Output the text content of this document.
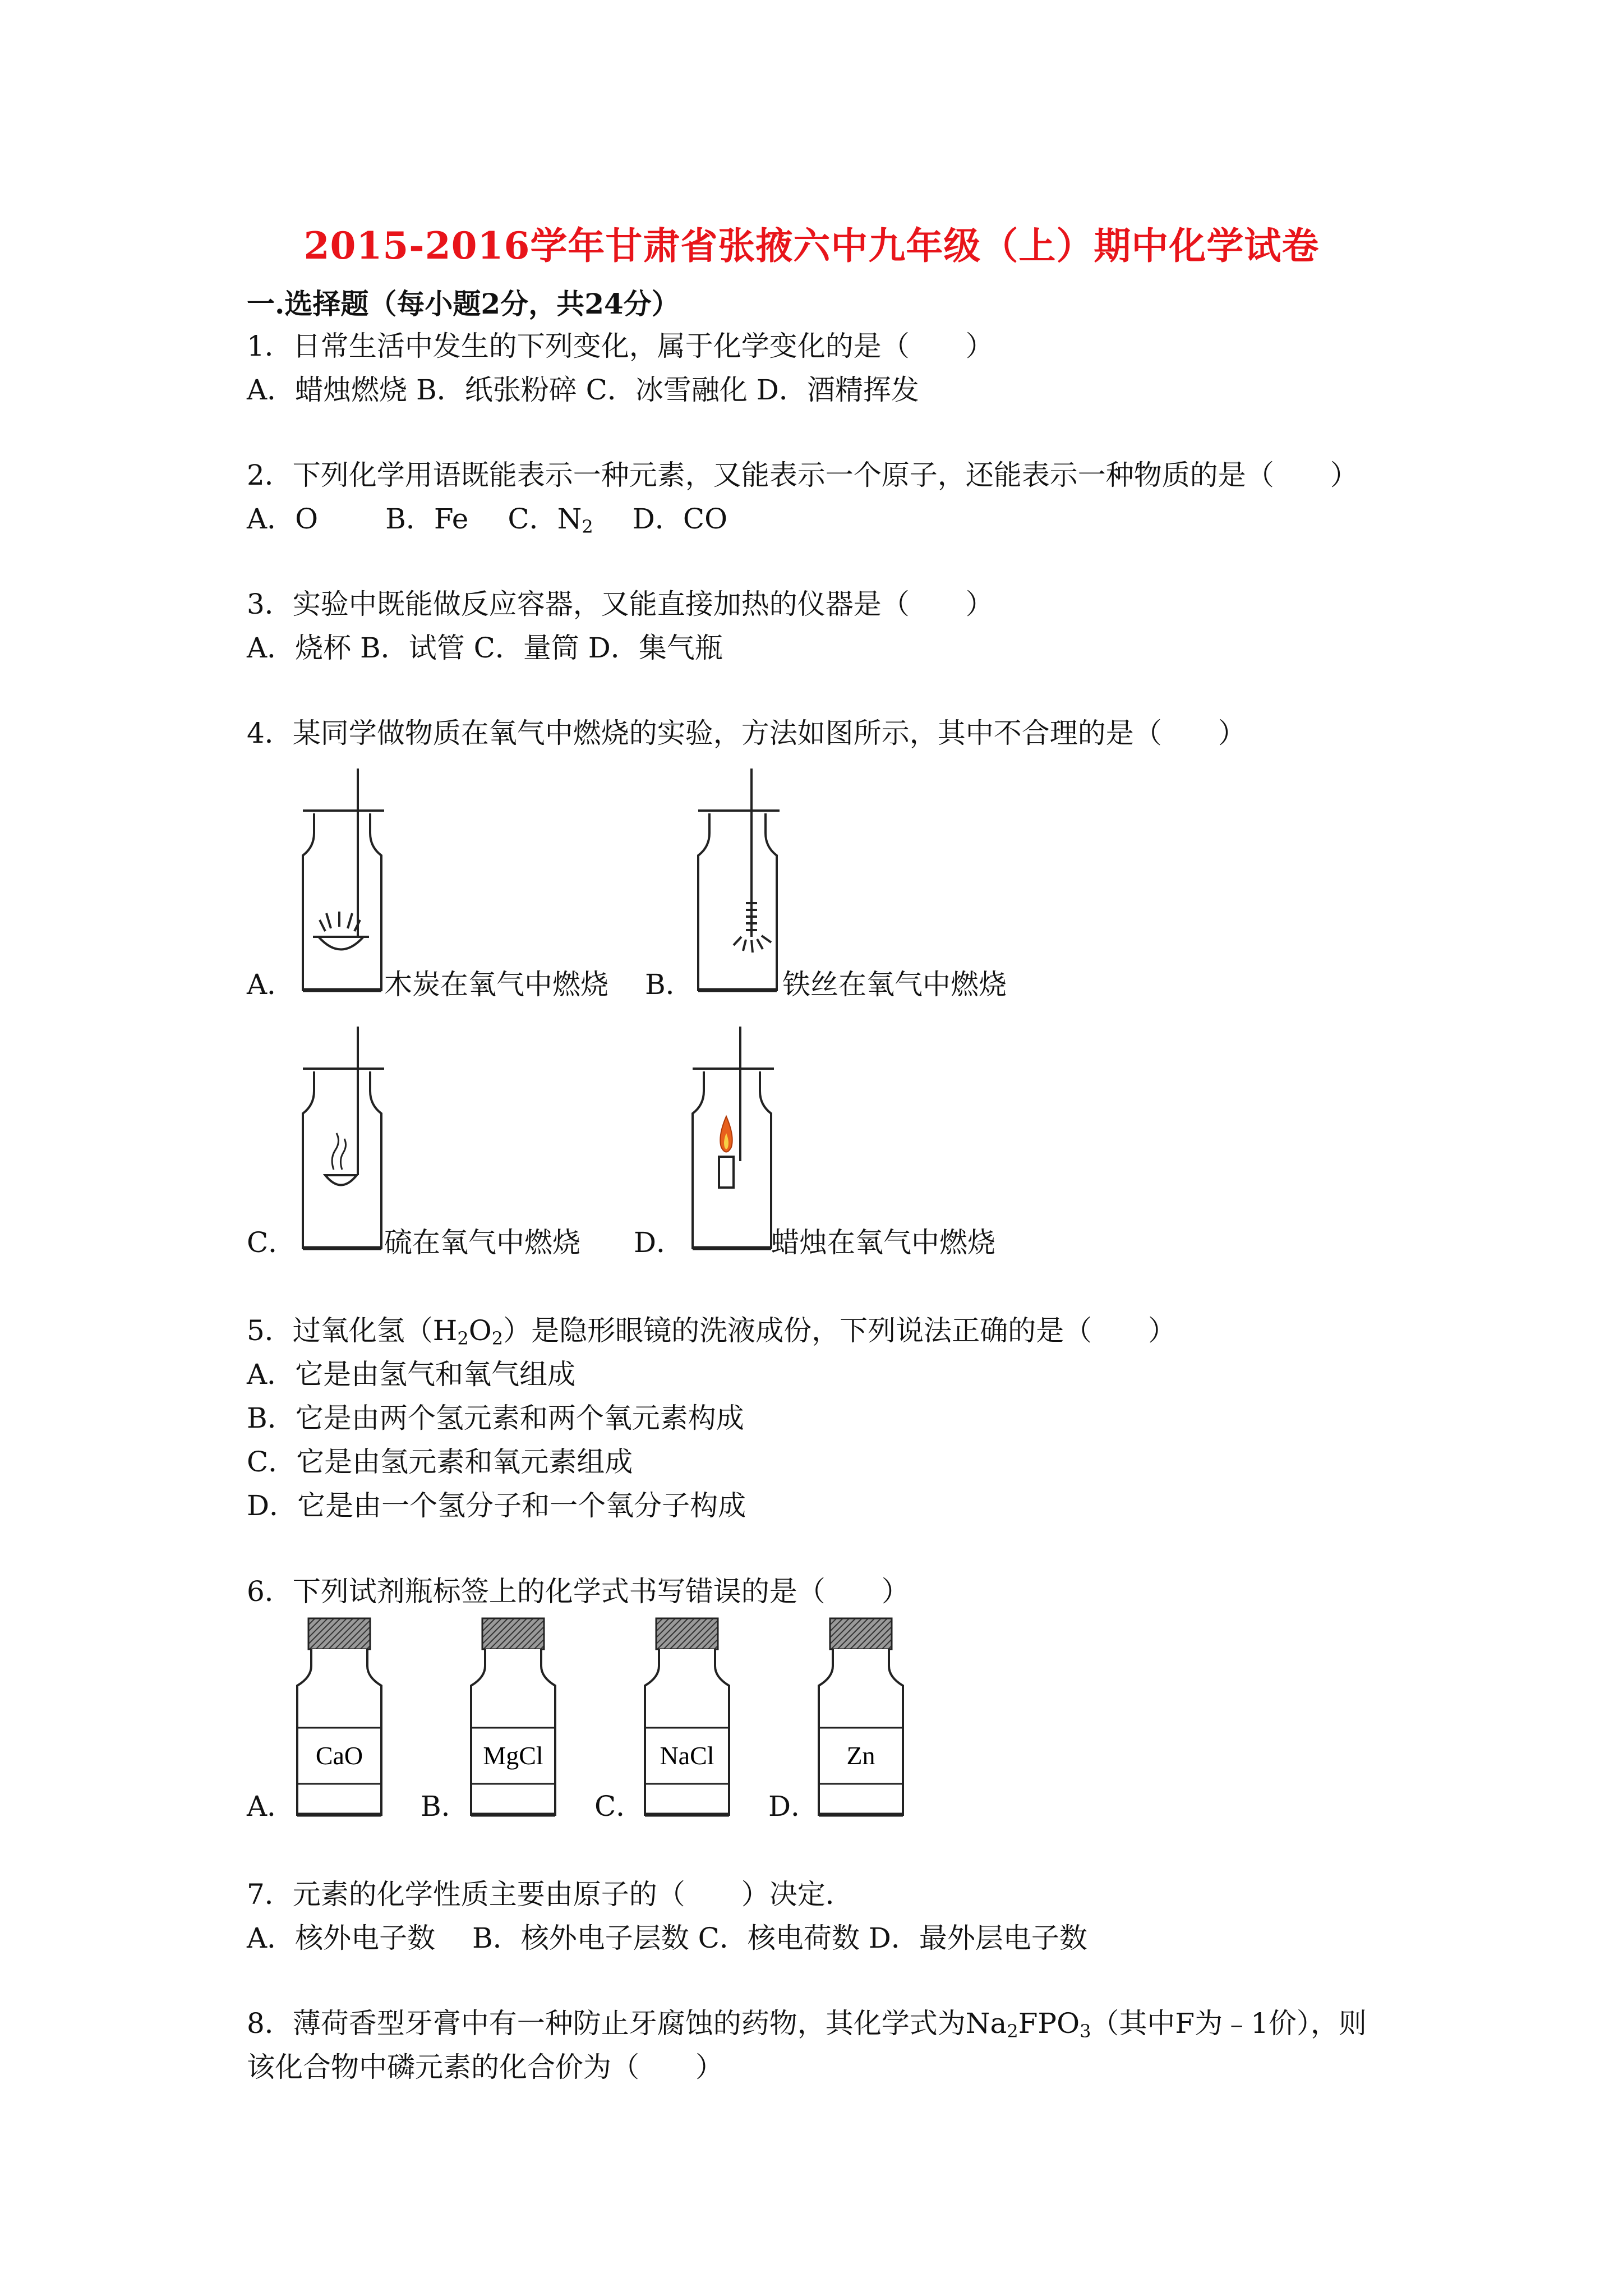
2015-2016学年甘肃省张掖六中九年级（上）期中化学试卷
一.选择题（每小题2分，共24分）
1．日常生活中发生的下列变化，属于化学变化的是（　　）
A．蜡烛燃烧 B．纸张粉碎 C．冰雪融化 D．酒精挥发
2．下列化学用语既能表示一种元素，又能表示一个原子，还能表示一种物质的是（　　）
A．O B．Fe C．$N_2$ D．CO
3．实验中既能做反应容器，又能直接加热的仪器是（　　）
A．烧杯 B．试管 C．量筒 D．集气瓶
4．某同学做物质在氧气中燃烧的实验，方法如图所示，其中不合理的是（　　）
A．	木炭在氧气中燃烧 B．	铁丝在氧气中燃烧
C．	硫在氧气中燃烧 D．	蜡烛在氧气中燃烧
5．过氧化氢$(H_2O_2)$是隐形眼镜的洗液成份，下列说法正确的是（　　）
A．它是由氢气和氧气组成
B．它是由两个氢元素和两个氧元素构成
C．它是由氢元素和氧元素组成
D．它是由一个氢分子和一个氧分子构成
6．下列试剂瓶标签上的化学式书写错误的是（　　）
CaO
A．
MgCl
B．
NaCl
C．
Zn
D．
7．元素的化学性质主要由原子的（　　）决定．
A．核外电子数　 B．核外电子层数 C．核电荷数 D．最外层电子数
8．薄荷香型牙膏中有一种防止牙腐蚀的药物，其化学式为$Na_2FPO_3$（其中F为﹣1价），则
该化合物中磷元素的化合价为（　　）
